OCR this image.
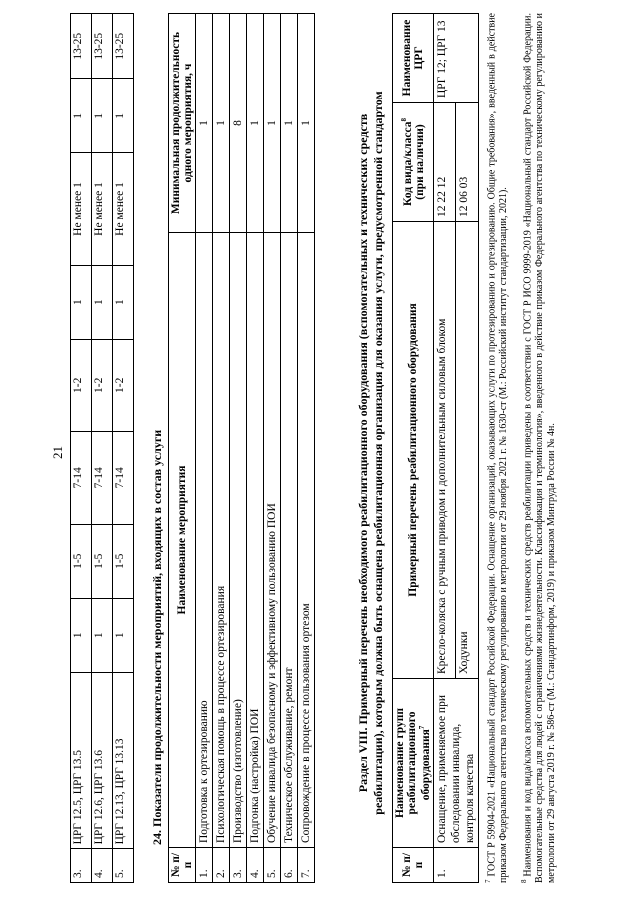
21
3.	ЦРГ 12.5, ЦРГ 13.5	1	1-5	7-14	1-2	1	Не менее 1	1	13-25
4.	ЦРГ 12.6, ЦРГ 13.6	1	1-5	7-14	1-2	1	Не менее 1	1	13-25
5.	ЦРГ 12.13, ЦРГ 13.13	1	1-5	7-14	1-2	1	Не менее 1	1	13-25
24. Показатели продолжительности мероприятий, входящих в состав услуги
№ п/п	Наименование мероприятия	Минимальная продолжительность одного мероприятия, ч
1.	Подготовка к ортезированию	1
2.	Психологическая помощь в процессе ортезирования	1
3.	Производство (изготовление)	8
4.	Подгонка (настройка) ПОИ	1
5.	Обучение инвалида безопасному и эффективному пользованию ПОИ	1
6.	Техническое обслуживание, ремонт	1
7.	Сопровождение в процессе пользования ортезом	1	Раздел VIII. Примерный перечень необходимого реабилитационного оборудования (вспомогательных и технических средств реабилитации), которым должна быть оснащена реабилитационная организация для оказания услуги, предусмотренной стандартом
№ п/п	Наименование групп реабилитационного оборудования$^7$	Примерный перечень реабилитационного оборудования	Код вида/класса$^8$ (при наличии)	Наименование ЦРГ
1.	Оснащение, применяемое при обследовании инвалида, контроля качества	Кресло-коляска с ручным приводом и дополнительным силовым блоком	12 22 12	ЦРГ 12; ЦРГ 13
		Ходунки	12 06 03	
$^7$ ГОСТ Р 59904-2021 «Национальный стандарт Российской Федерации. Оснащение организаций, оказывающих услуги по протезированию и ортезированию. Общие требования», введенный в действие приказом Федерального агентства по техническому регулированию и метрологии от 29 ноября 2021 г. № 1630-ст (М.: Российский институт стандартизации, 2021). $^8$ Наименования и код вида/класса вспомогательных средств и технических средств реабилитации приведены в соответствии с ГОСТ Р ИСО 9999-2019 «Национальный стандарт Российской Федерации. Вспомогательные средства для людей с ограничениями жизнедеятельности. Классификация и терминология», введенного в действие приказом Федерального агентства по техническому регулированию и метрологии от 29 августа 2019 г. № 586-ст (М.: Стандартинформ, 2019) и приказом Минтруда России № 4н.
